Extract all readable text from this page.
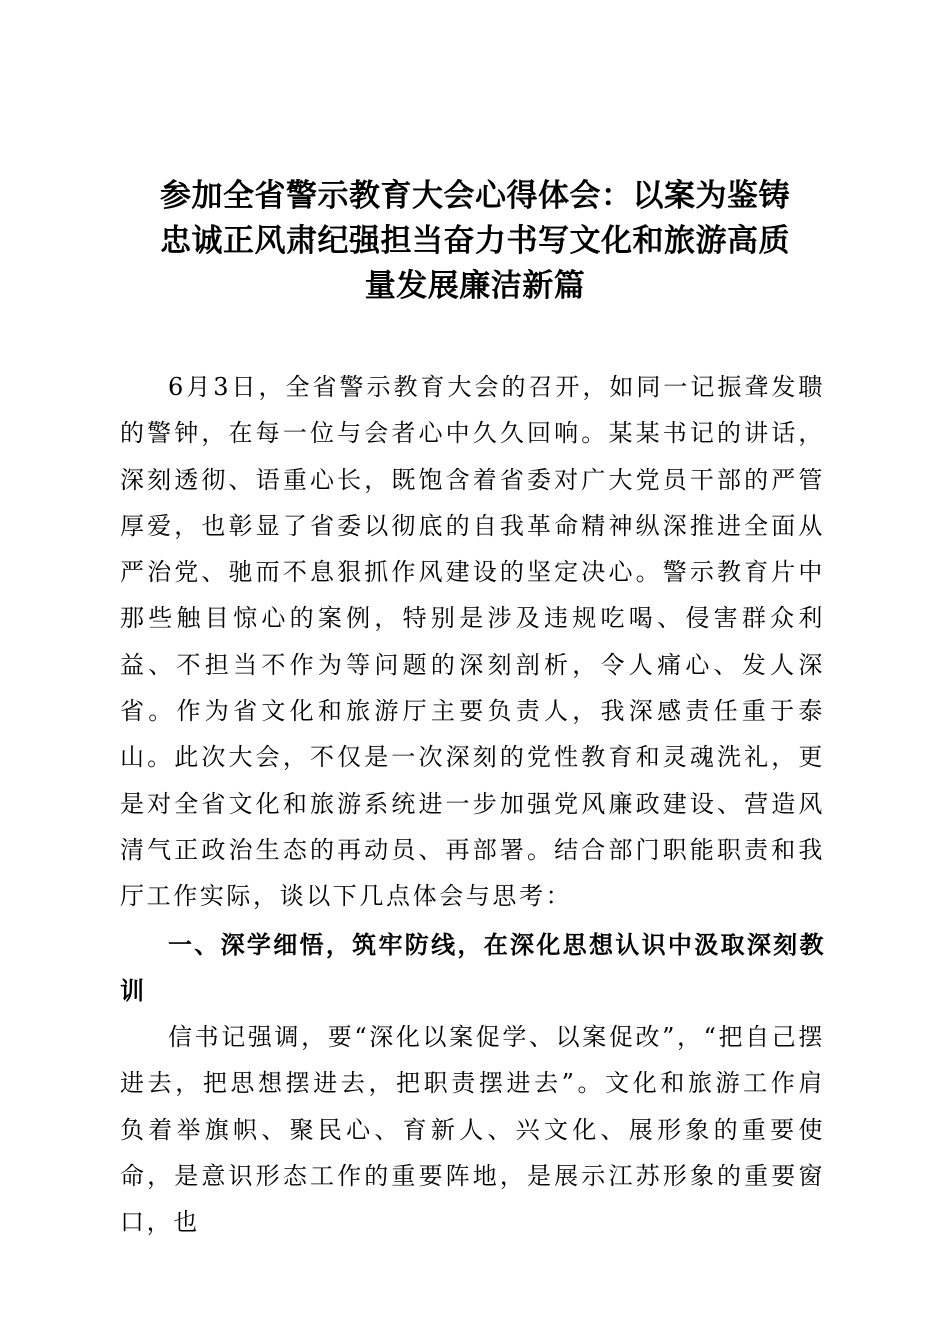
参加全省警示教育大会心得体会：以案为鉴铸
忠诚正风肃纪强担当奋力书写文化和旅游高质
量发展廉洁新篇

6月3日，全省警示教育大会的召开，如同一记振聋发聩的警钟，在每一位与会者心中久久回响。某某书记的讲话，深刻透彻、语重心长，既饱含着省委对广大党员干部的严管厚爱，也彰显了省委以彻底的自我革命精神纵深推进全面从严治党、驰而不息狠抓作风建设的坚定决心。警示教育片中那些触目惊心的案例，特别是涉及违规吃喝、侵害群众利益、不担当不作为等问题的深刻剖析，令人痛心、发人深省。作为省文化和旅游厅主要负责人，我深感责任重于泰山。此次大会，不仅是一次深刻的党性教育和灵魂洗礼，更是对全省文化和旅游系统进一步加强党风廉政建设、营造风清气正政治生态的再动员、再部署。结合部门职能职责和我厅工作实际，谈以下几点体会与思考：

一、深学细悟，筑牢防线，在深化思想认识中汲取深刻教训

信书记强调，要“深化以案促学、以案促改”，“把自己摆进去，把思想摆进去，把职责摆进去”。文化和旅游工作肩负着举旗帜、聚民心、育新人、兴文化、展形象的重要使命，是意识形态工作的重要阵地，是展示江苏形象的重要窗口，也
